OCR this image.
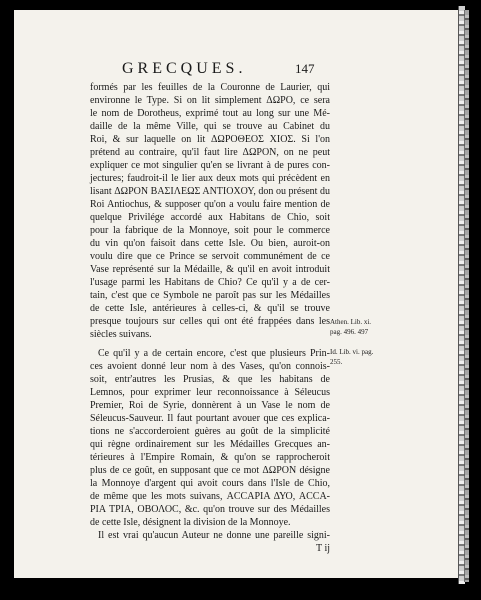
GRECQUES.	147
formés par les feuilles de la Couronne de Laurier, qui
environne le Type. Si on lit simplement ΔΩΡΟ, ce sera
le nom de Dorotheus, exprimé tout au long sur une Mé-
daille de la même Ville, qui se trouve au Cabinet du
Roi, & sur laquelle on lit ΔΩΡΟΘΕΟΣ ΧΙΟΣ. Si l'on
prétend au contraire, qu'il faut lire ΔΩΡΟΝ, on ne peut
expliquer ce mot singulier qu'en se livrant à de pures con-
jectures; faudroit-il le lier aux deux mots qui précèdent en
lisant ΔΩΡΟΝ ΒΑΣΙΛΕΩΣ ΑΝΤΙΟΧΟΥ, don ou présent du
Roi Antiochus, & supposer qu'on a voulu faire mention de
quelque Privilége accordé aux Habitans de Chio, soit
pour la fabrique de la Monnoye, soit pour le commerce
du vin qu'on faisoit dans cette Isle. Ou bien, auroit-on
voulu dire que ce Prince se servoit communément de ce
Vase représenté sur la Médaille, & qu'il en avoit introduit
l'usage parmi les Habitans de Chio? Ce qu'il y a de cer-
tain, c'est que ce Symbole ne paroît pas sur les Médailles
de cette Isle, antérieures à celles-ci, & qu'il se trouve
presque toujours sur celles qui ont été frappées dans les
siècles suivans.
Ce qu'il y a de certain encore, c'est que plusieurs Prin-
ces avoient donné leur nom à des Vases, qu'on connois-
soit, entr'autres les Prusias, & que les habitans de
Lemnos, pour exprimer leur reconnoissance à Séleucus
Premier, Roi de Syrie, donnèrent à un Vase le nom de
Séleucus-Sauveur. Il faut pourtant avouer que ces explica-
tions ne s'accorderoient guères au goût de la simplicité
qui règne ordinairement sur les Médailles Grecques an-
térieures à l'Empire Romain, & qu'on se rapprocheroit
plus de ce goût, en supposant que ce mot ΔΩΡΟΝ désigne
la Monnoye d'argent qui avoit cours dans l'Isle de Chio,
de même que les mots suivans, ΑССΑΡΙΑ ΔΥΟ, ΑССΑ-
ΡΙΑ ΤΡΙΑ, ΟΒΟΛΟС, &c. qu'on trouve sur des Médailles
de cette Isle, désignent la division de la Monnoye.
Il est vrai qu'aucun Auteur ne donne une pareille signi-
T ij
Athen. Lib. xi.
pag. 496. 497
Id. Lib. vi. pag.
255.
